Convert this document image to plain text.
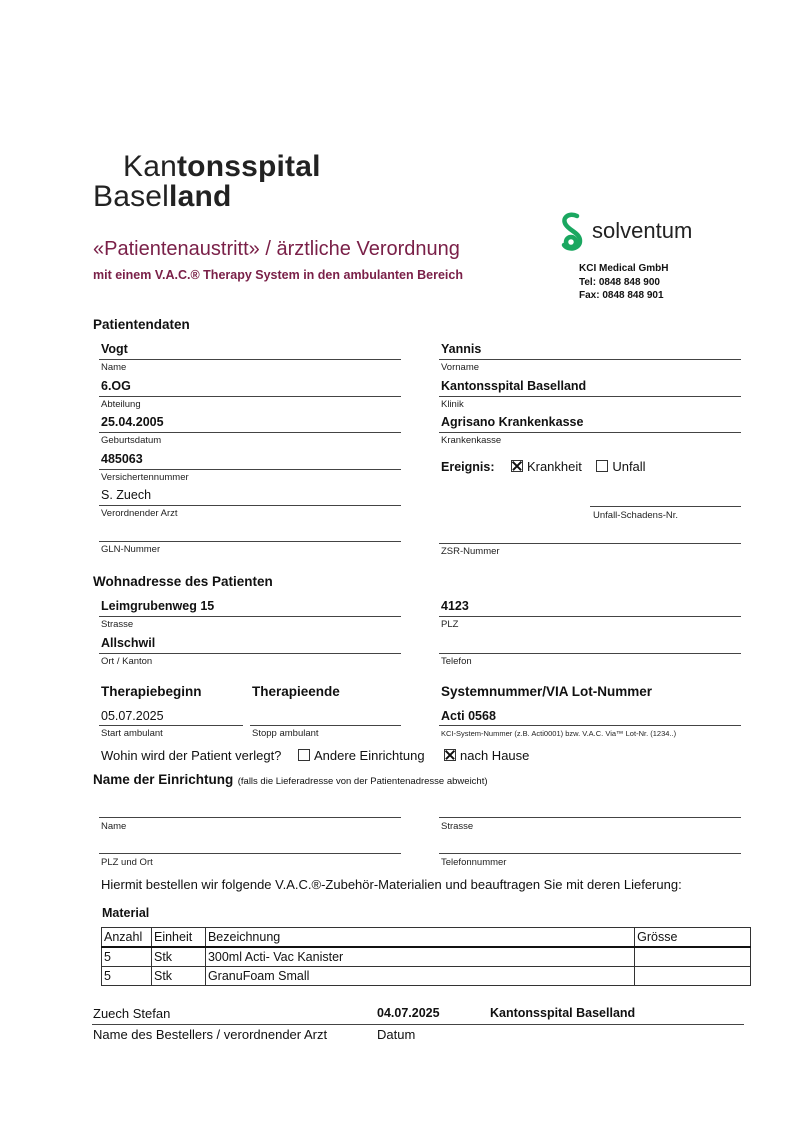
Kantonsspital
Baselland
solventum
«Patientenaustritt» / ärztliche Verordnung
mit einem V.A.C.® Therapy System in den ambulanten Bereich	KCI Medical GmbH
Tel: 0848 848 900
Fax: 0848 848 901
Patientendaten
Vogt
Name
Yannis
Vorname
6.OG
Abteilung
Kantonsspital Baselland
Klinik
25.04.2005
Geburtsdatum
Agrisano Krankenkasse
Krankenkasse
485063
Versichertennummer
Ereignis: Krankheit Unfall
S. Zuech
Verordnender Arzt	Unfall-Schadens-Nr.
GLN-Nummer	ZSR-Nummer
Wohnadresse des Patienten
Leimgrubenweg 15
Strasse
4123
PLZ
Allschwil
Ort / Kanton	Telefon
Therapiebeginn	Therapieende	Systemnummer/VIA Lot-Nummer
05.07.2025
Start ambulant	Stopp ambulant
Acti 0568
KCI-System-Nummer (z.B. Acti0001) bzw. V.A.C. Via™ Lot-Nr. (1234..)
Wohin wird der Patient verlegt?	Andere Einrichtung	nach Hause
Name der Einrichtung (falls die Lieferadresse von der Patientenadresse abweicht)
Name	Strasse
PLZ und Ort	Telefonnummer
Hiermit bestellen wir folgende V.A.C.®-Zubehör-Materialien und beauftragen Sie mit deren Lieferung:
Material
Anzahl	Einheit	Bezeichnung	Grösse
5	Stk	300ml Acti- Vac Kanister	
5	Stk	GranuFoam Small	
Zuech Stefan	04.07.2025	Kantonsspital Baselland
Name des Bestellers / verordnender Arzt	Datum
